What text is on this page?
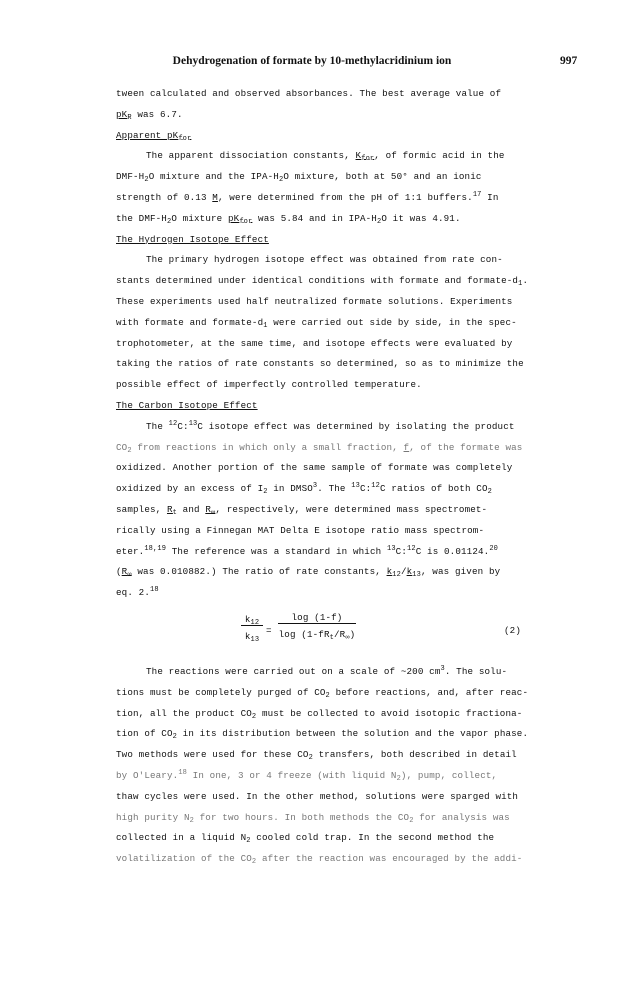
Dehydrogenation of formate by 10-methylacridinium ion	997
tween calculated and observed absorbances. The best average value of
$pK_R$ was 6.7.
Apparent $pK_{for}$
The apparent dissociation constants, $K_{for}$, of formic acid in the
DMF-$H_2O$ mixture and the IPA-$H_2O$ mixture, both at 50° and an ionic
strength of 0.13 M, were determined from the pH of 1:1 buffers.$^{17}$ In
the DMF-$H_2O$ mixture $pK_{for}$ was 5.84 and in IPA-$H_2O$ it was 4.91.
The Hydrogen Isotope Effect
The primary hydrogen isotope effect was obtained from rate con-
stants determined under identical conditions with formate and formate-$d_1$.
These experiments used half neutralized formate solutions. Experiments
with formate and formate-$d_1$ were carried out side by side, in the spec-
trophotometer, at the same time, and isotope effects were evaluated by
taking the ratios of rate constants so determined, so as to minimize the
possible effect of imperfectly controlled temperature.
The Carbon Isotope Effect
The $^{12}$C:$^{13}$C isotope effect was determined by isolating the product
$CO_2$ from reactions in which only a small fraction, f, of the formate was
oxidized. Another portion of the same sample of formate was completely
oxidized by an excess of $I_2$ in DMSO$^3$. The $^{13}$C:$^{12}$C ratios of both $CO_2$
samples, $R_t$ and $R_\infty$, respectively, were determined mass spectromet-
rically using a Finnegan MAT Delta E isotope ratio mass spectrom-
eter.$^{18,19}$ The reference was a standard in which $^{13}$C:$^{12}$C is 0.01124.20
($R_\infty$ was 0.010882.) The ratio of rate constants, $k_{12}/k_{13}$, was given by
eq. 2.18
$k_{12}$
$k_{13}$
=
log (1-f)
$\log (1-fR_t/R_\infty)$	(2)
The reactions were carried out on a scale of ~200 $cm^3$. The solu-
tions must be completely purged of $CO_2$ before reactions, and, after reac-
tion, all the product $CO_2$ must be collected to avoid isotopic fractiona-
tion of $CO_2$ in its distribution between the solution and the vapor phase.
Two methods were used for these $CO_2$ transfers, both described in detail
by O'Leary.$^{18}$ In one, 3 or 4 freeze (with liquid $N_2$), pump, collect,
thaw cycles were used. In the other method, solutions were sparged with
high purity $N_2$ for two hours. In both methods the $CO_2$ for analysis was
collected in a liquid $N_2$ cooled cold trap. In the second method the
volatilization of the $CO_2$ after the reaction was encouraged by the addi-
